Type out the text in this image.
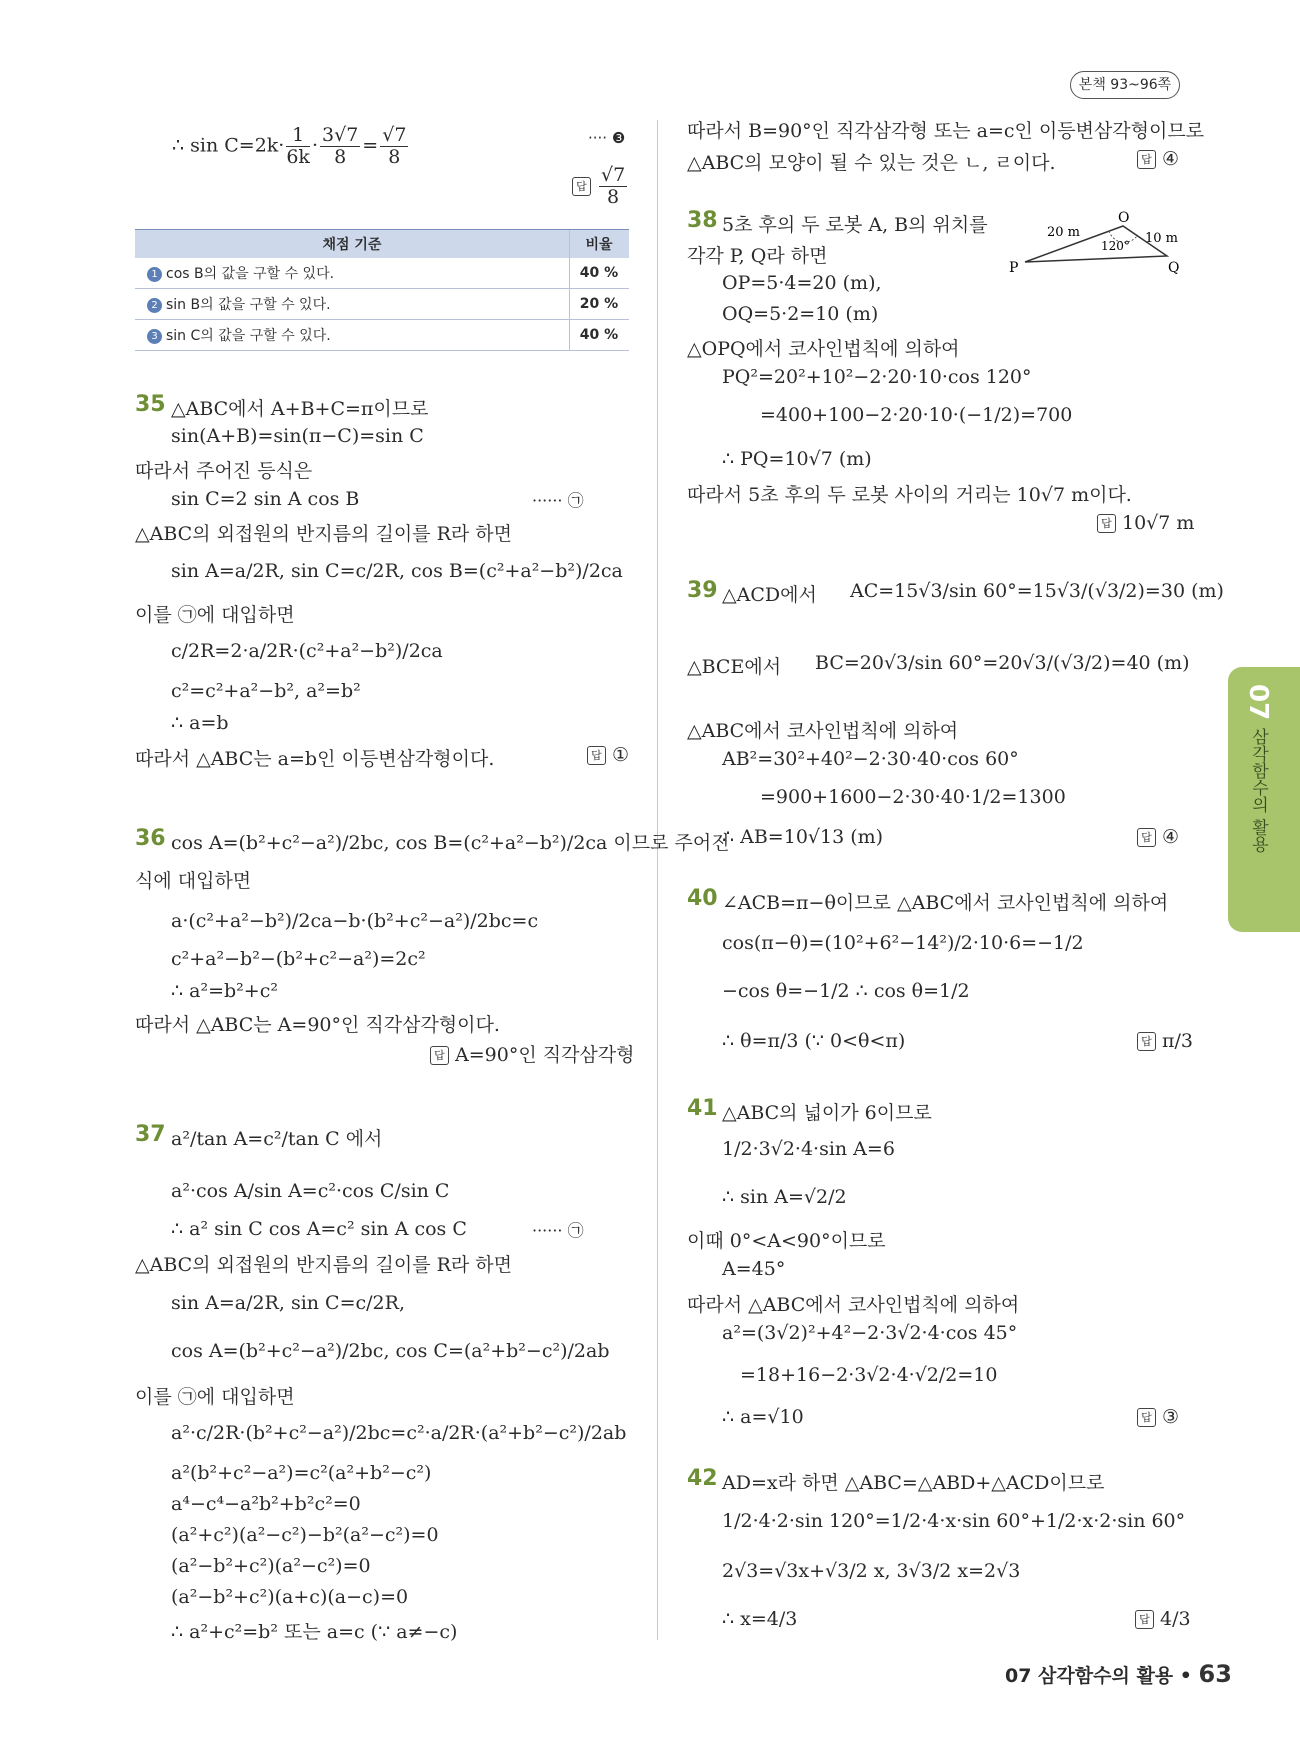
본책 93~96쪽
∴ $\sin C=2k\cdot \frac{1}{6k} \cdot \frac{3√7}{8} = \frac{√7}{8}$	···· ❸
답 $\frac{√7}{8}$
채점 기준	비율
1 cos B의 값을 구할 수 있다.	40 %
2 sin B의 값을 구할 수 있다.	20 %
3 sin C의 값을 구할 수 있다.	40 %
35 △ABC에서 A+B+C=π이므로
sin(A+B)=sin(π−C)=sin C
따라서 주어진 등식은
sin C=2 sin A cos B	······ ㉠
△ABC의 외접원의 반지름의 길이를 R라 하면
sin A=a/2R, sin C=c/2R, cos B=(c²+a²−b²)/2ca
이를 ㉠에 대입하면
c/2R=2·a/2R·(c²+a²−b²)/2ca
c²=c²+a²−b², a²=b²
∴ a=b
따라서 △ABC는 a=b인 이등변삼각형이다.	답 ①
36 cos A=(b²+c²−a²)/2bc, cos B=(c²+a²−b²)/2ca 이므로 주어진
식에 대입하면
a·(c²+a²−b²)/2ca−b·(b²+c²−a²)/2bc=c
c²+a²−b²−(b²+c²−a²)=2c²
∴ a²=b²+c²
따라서 △ABC는 A=90°인 직각삼각형이다.
답 A=90°인 직각삼각형
37 a²/tan A=c²/tan C 에서
a²·cos A/sin A=c²·cos C/sin C
∴ a² sin C cos A=c² sin A cos C	······ ㉠
△ABC의 외접원의 반지름의 길이를 R라 하면
sin A=a/2R, sin C=c/2R,
cos A=(b²+c²−a²)/2bc, cos C=(a²+b²−c²)/2ab
이를 ㉠에 대입하면
a²·c/2R·(b²+c²−a²)/2bc=c²·a/2R·(a²+b²−c²)/2ab
a²(b²+c²−a²)=c²(a²+b²−c²)
a⁴−c⁴−a²b²+b²c²=0
(a²+c²)(a²−c²)−b²(a²−c²)=0
(a²−b²+c²)(a²−c²)=0
(a²−b²+c²)(a+c)(a−c)=0
∴ a²+c²=b² 또는 a=c (∵ a≠−c)
따라서 B=90°인 직각삼각형 또는 a=c인 이등변삼각형이므로
△ABC의 모양이 될 수 있는 것은 ㄴ, ㄹ이다.	답 ④
38 5초 후의 두 로봇 A, B의 위치를
각각 P, Q라 하면
OP=5·4=20 (m),
OQ=5·2=10 (m)
△OPQ에서 코사인법칙에 의하여
PQ²=20²+10²−2·20·10·cos 120°
=400+100−2·20·10·(−1/2)=700
∴ PQ=10√7 (m)
따라서 5초 후의 두 로봇 사이의 거리는 10√7 m이다.
답 10√7 m
O
P	Q
20 m	10 m
120°
39 △ACD에서 AC=15√3/sin 60°=15√3/(√3/2)=30 (m)
△BCE에서 BC=20√3/sin 60°=20√3/(√3/2)=40 (m)
△ABC에서 코사인법칙에 의하여
AB²=30²+40²−2·30·40·cos 60°
=900+1600−2·30·40·1/2=1300
∴ AB=10√13 (m)	답 ④
40 ∠ACB=π−θ이므로 △ABC에서 코사인법칙에 의하여
cos(π−θ)=(10²+6²−14²)/2·10·6=−1/2
−cos θ=−1/2 ∴ cos θ=1/2
∴ θ=π/3 (∵ 0<θ<π)	답 π/3
41 △ABC의 넓이가 6이므로
1/2·3√2·4·sin A=6
∴ sin A=√2/2
이때 0°<A<90°이므로
A=45°
따라서 △ABC에서 코사인법칙에 의하여
a²=(3√2)²+4²−2·3√2·4·cos 45°
=18+16−2·3√2·4·√2/2=10
∴ a=√10	답 ③
42 AD=x라 하면 △ABC=△ABD+△ACD이므로
1/2·4·2·sin 120°=1/2·4·x·sin 60°+1/2·x·2·sin 60°
2√3=√3x+√3/2 x, 3√3/2 x=2√3
∴ x=4/3	답 4/3
07
삼각함수의 활용
07 삼각함수의 활용 • 63
